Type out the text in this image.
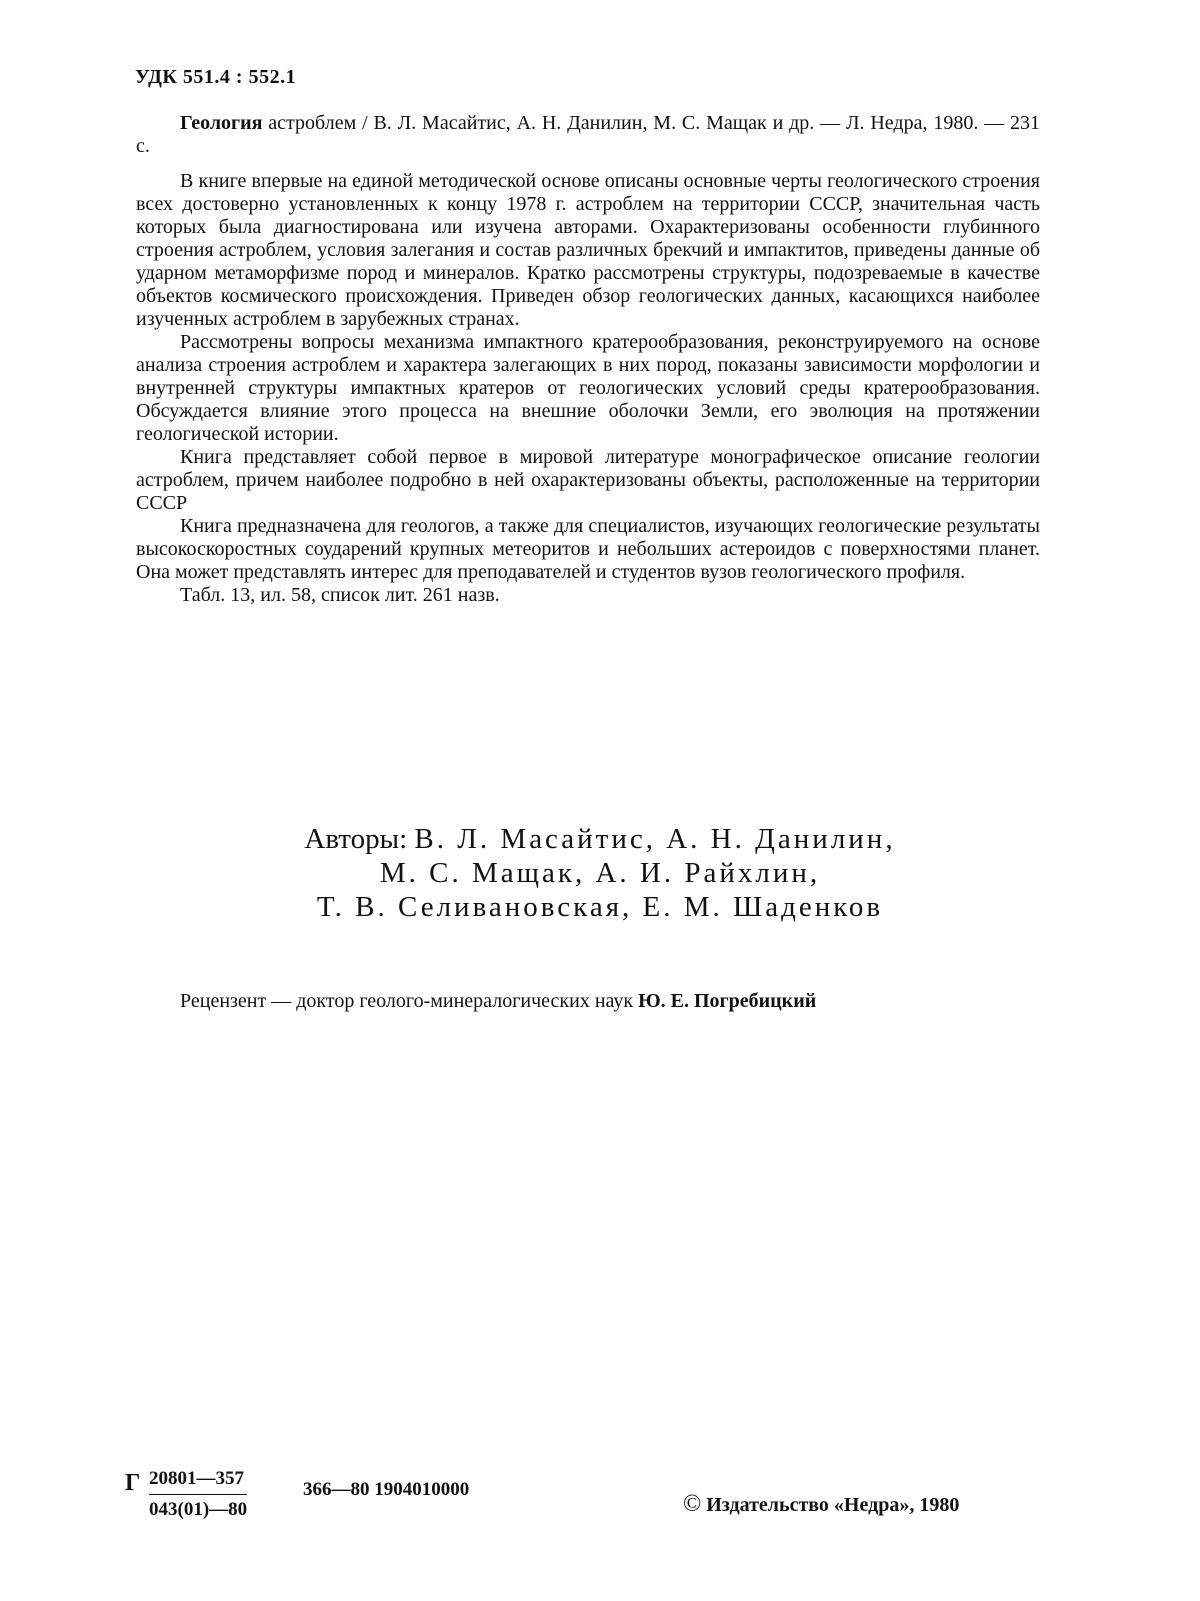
УДК 551.4 : 552.1
Геология астроблем / В. Л. Масайтис, А. Н. Данилин, М. С. Мащак и др. — Л. Недра, 1980. — 231 с.

В книге впервые на единой методической основе описаны основные черты геологического строения всех достоверно установленных к концу 1978 г. астроблем на территории СССР, значительная часть которых была диагностирована или изучена авторами. Охарактеризованы особенности глубинного строения астроблем, условия залегания и состав различных брекчий и импактитов, приведены данные об ударном метаморфизме пород и минералов. Кратко рассмотрены структуры, подозреваемые в качестве объектов космического происхождения. Приведен обзор геологических данных, касающихся наиболее изученных астроблем в зарубежных странах.

Рассмотрены вопросы механизма импактного кратерообразования, реконструируемого на основе анализа строения астроблем и характера залегающих в них пород, показаны зависимости морфологии и внутренней структуры импактных кратеров от геологических условий среды кратерообразования. Обсуждается влияние этого процесса на внешние оболочки Земли, его эволюция на протяжении геологической истории.

Книга представляет собой первое в мировой литературе монографическое описание геологии астроблем, причем наиболее подробно в ней охарактеризованы объекты, расположенные на территории СССР

Книга предназначена для геологов, а также для специалистов, изучающих геологические результаты высокоскоростных соударений крупных метеоритов и небольших астероидов с поверхностями планет. Она может представлять интерес для преподавателей и студентов вузов геологического профиля.

Табл. 13, ил. 58, список лит. 261 назв.

Авторы: В. Л. Масайтис, А. Н. Данилин,
М. С. Мащак, А. И. Райхлин,
Т. В. Селивановская, Е. М. Шаденков
Рецензент — доктор геолого-минералогических наук Ю. Е. Погребицкий
Г $\frac{20801—357}{043(01)—80}$	366—80 1904010000
© Издательство «Недра», 1980
